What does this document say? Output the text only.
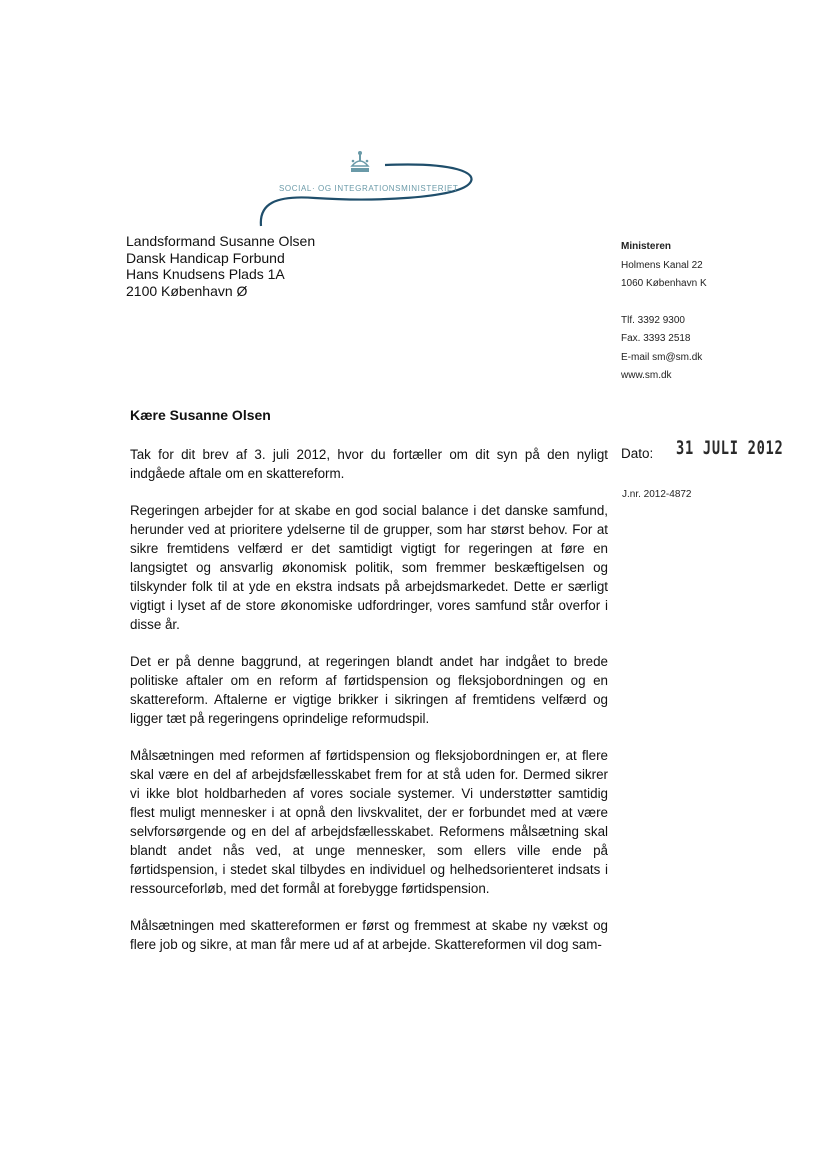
SOCIAL· OG INTEGRATIONSMINISTERIET
Landsformand Susanne Olsen
Dansk Handicap Forbund
Hans Knudsens Plads 1A
2100 København Ø
Ministeren
Holmens Kanal 22
1060 København K
Tlf. 3392 9300
Fax. 3393 2518
E-mail sm@sm.dk
www.sm.dk
Kære Susanne Olsen
Dato: 31 JULI 2012
J.nr. 2012-4872

Tak for dit brev af 3. juli 2012, hvor du fortæller om dit syn på den nyligt indgåede aftale om en skattereform.

Regeringen arbejder for at skabe en god social balance i det danske samfund, herunder ved at prioritere ydelserne til de grupper, som har størst behov. For at sikre fremtidens velfærd er det samtidigt vigtigt for regeringen at føre en langsigtet og ansvarlig økonomisk politik, som fremmer beskæftigelsen og tilskynder folk til at yde en ekstra indsats på arbejdsmarkedet. Dette er særligt vigtigt i lyset af de store økonomiske udfordringer, vores samfund står overfor i disse år.

Det er på denne baggrund, at regeringen blandt andet har indgået to brede politiske aftaler om en reform af førtidspension og fleksjobordningen og en skattereform. Aftalerne er vigtige brikker i sikringen af fremtidens velfærd og ligger tæt på regeringens oprindelige reformudspil.

Målsætningen med reformen af førtidspension og fleksjobordningen er, at flere skal være en del af arbejdsfællesskabet frem for at stå uden for. Dermed sikrer vi ikke blot holdbarheden af vores sociale systemer. Vi understøtter samtidig flest muligt mennesker i at opnå den livskvalitet, der er forbundet med at være selvforsørgende og en del af arbejdsfællesskabet. Reformens målsætning skal blandt andet nås ved, at unge mennesker, som ellers ville ende på førtidspension, i stedet skal tilbydes en individuel og helhedsorienteret indsats i ressourceforløb, med det formål at forebygge førtidspension.

Målsætningen med skattereformen er først og fremmest at skabe ny vækst og flere job og sikre, at man får mere ud af at arbejde. Skattereformen vil dog sam-
